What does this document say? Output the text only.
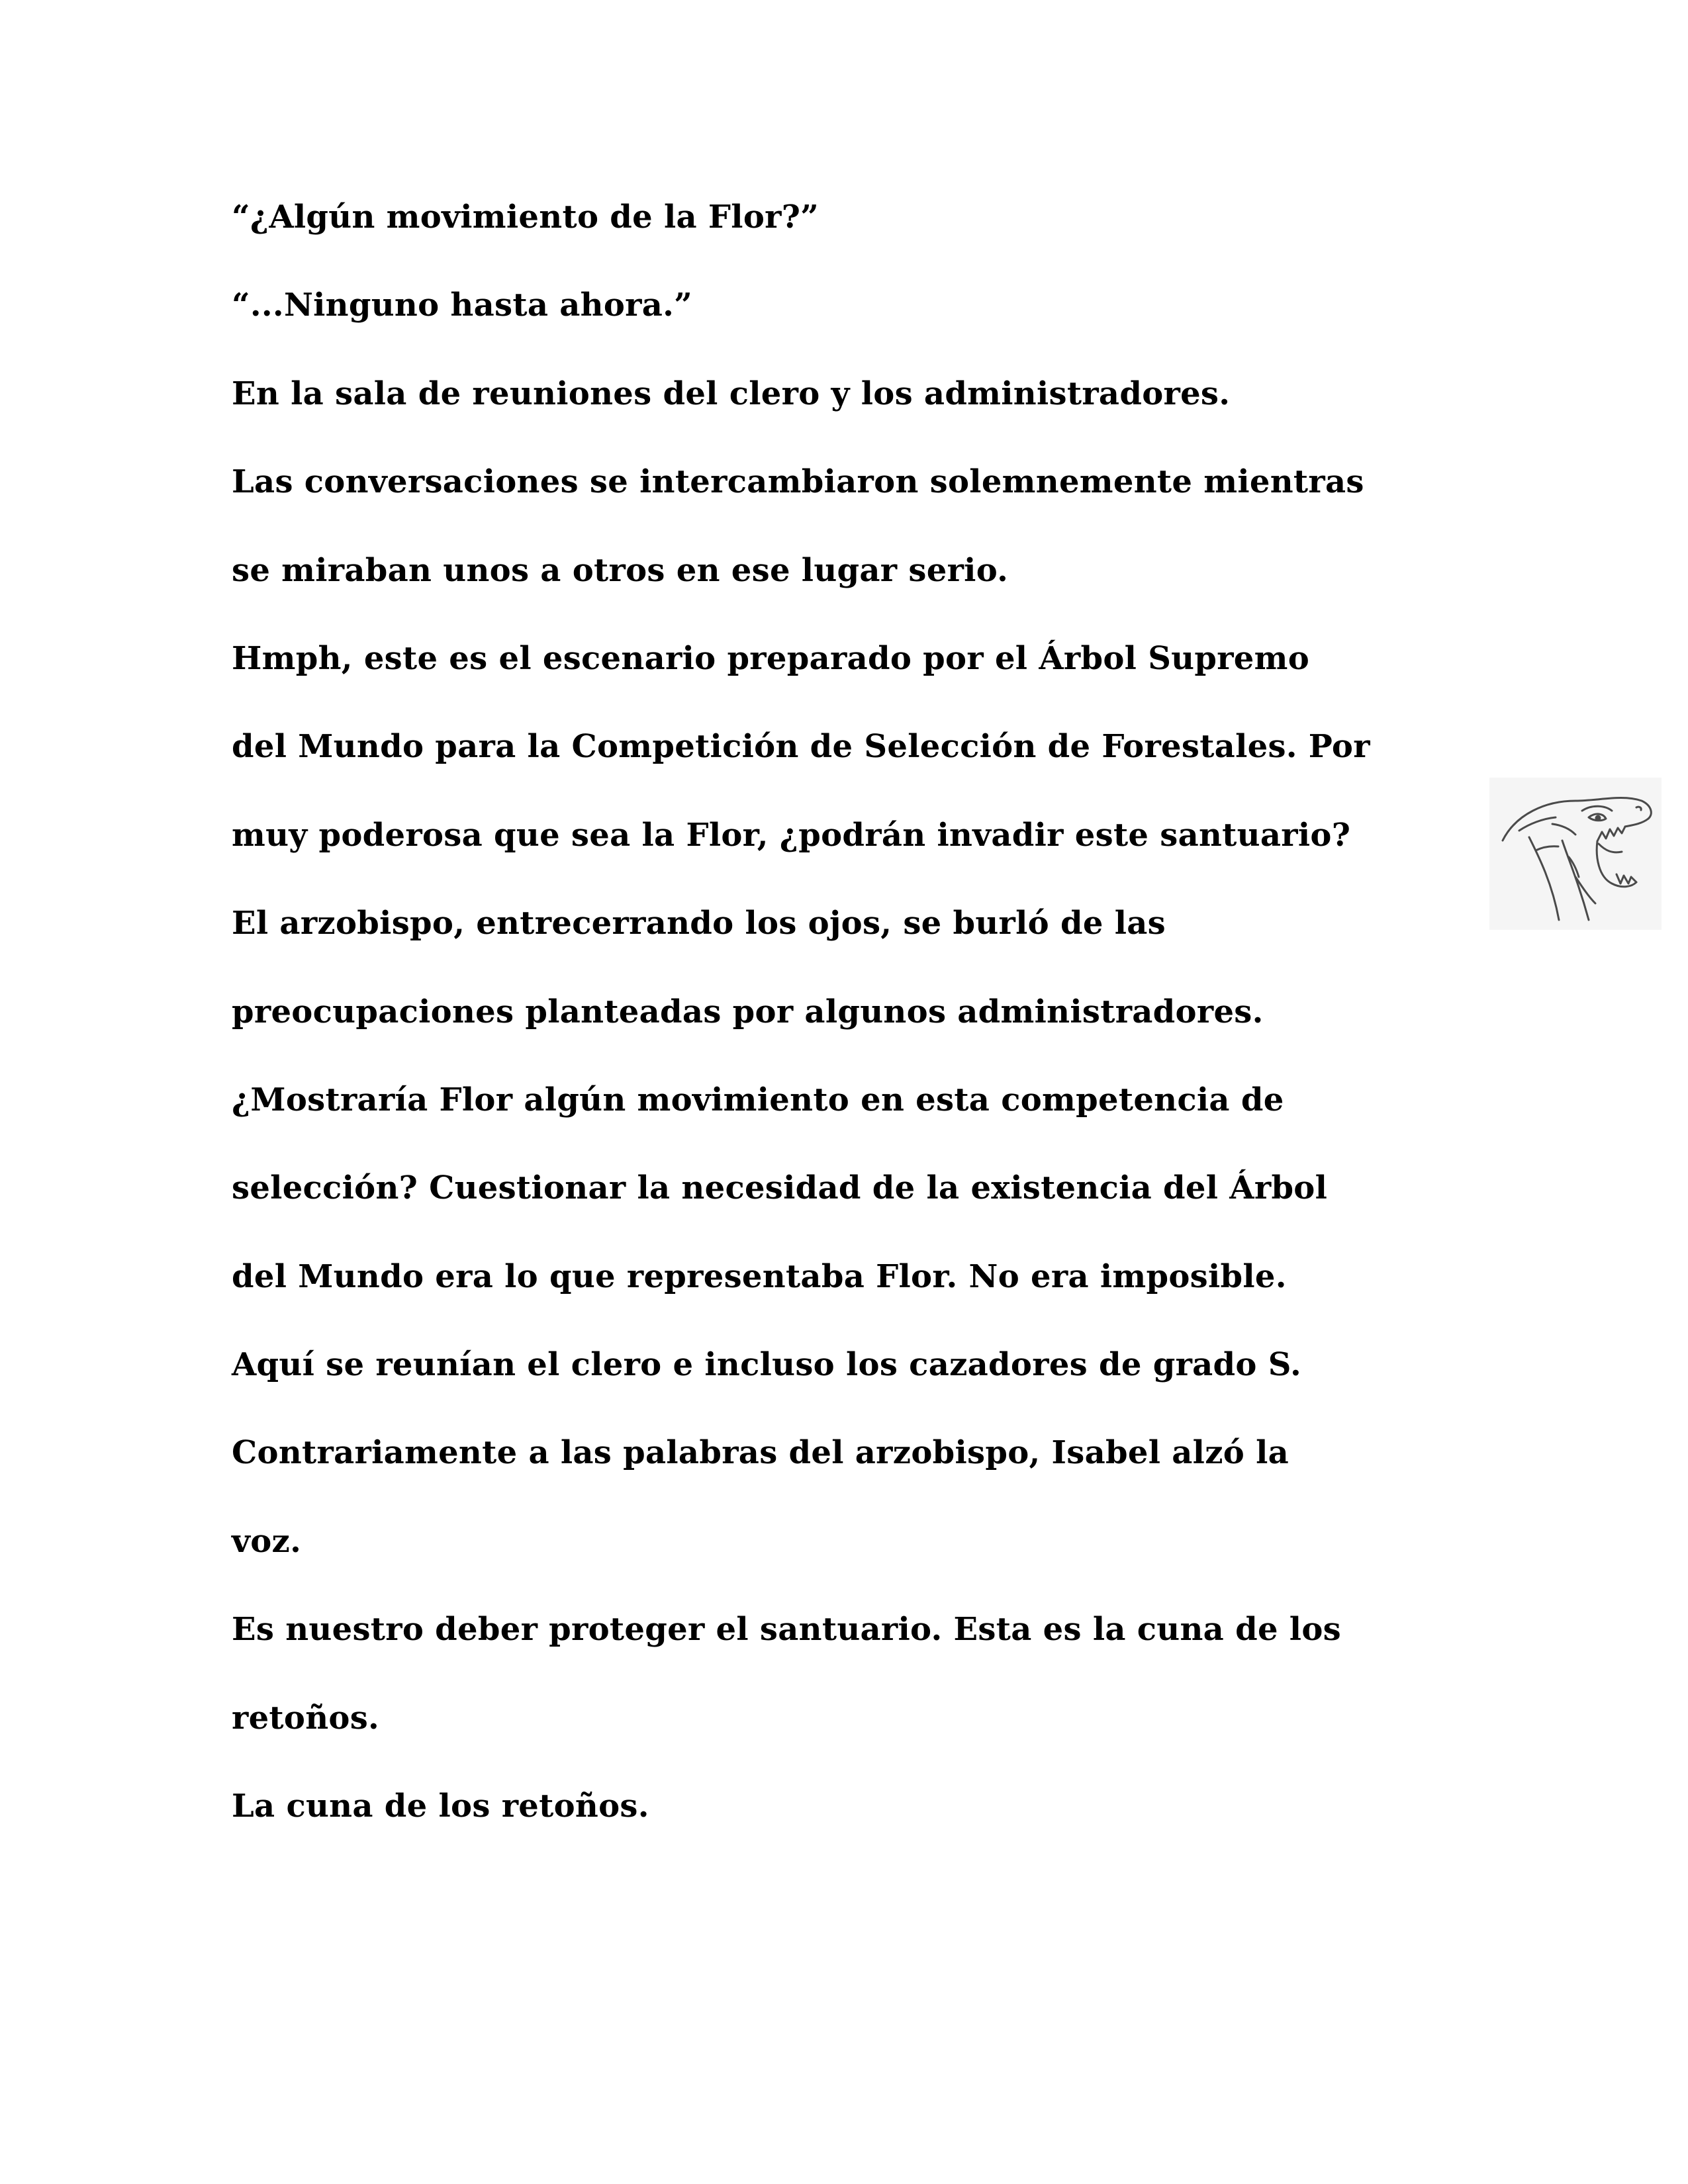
“¿Algún movimiento de la Flor?”
“...Ninguno hasta ahora.”
En la sala de reuniones del clero y los administradores.
Las conversaciones se intercambiaron solemnemente mientras
se miraban unos a otros en ese lugar serio.
Hmph, este es el escenario preparado por el Árbol Supremo
del Mundo para la Competición de Selección de Forestales. Por
muy poderosa que sea la Flor, ¿podrán invadir este santuario?
El arzobispo, entrecerrando los ojos, se burló de las
preocupaciones planteadas por algunos administradores.
¿Mostraría Flor algún movimiento en esta competencia de
selección? Cuestionar la necesidad de la existencia del Árbol
del Mundo era lo que representaba Flor. No era imposible.
Aquí se reunían el clero e incluso los cazadores de grado S.
Contrariamente a las palabras del arzobispo, Isabel alzó la
voz.
Es nuestro deber proteger el santuario. Esta es la cuna de los
retoños.
La cuna de los retoños.
